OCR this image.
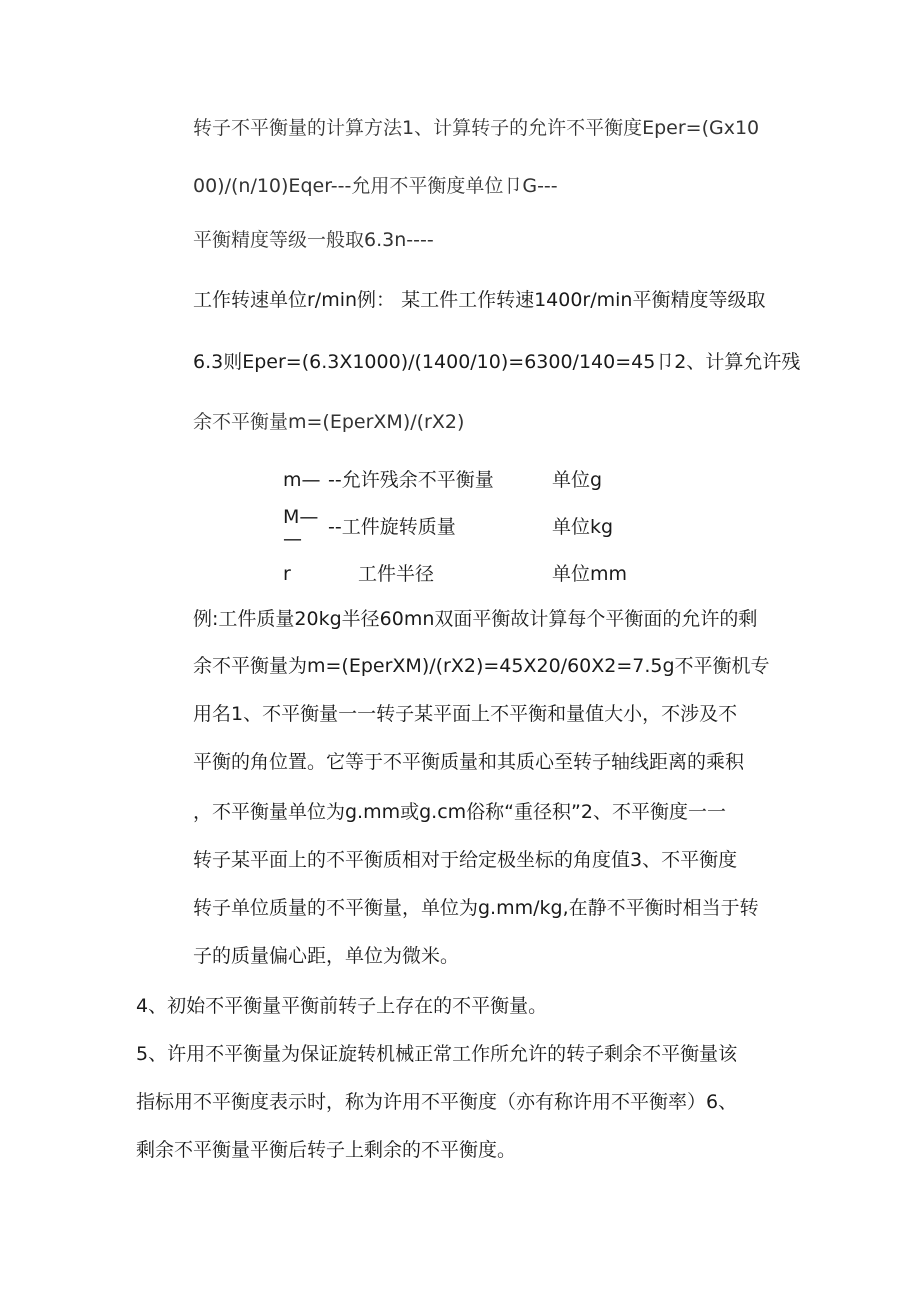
转子不平衡量的计算方法1、计算转子的允许不平衡度Eper=(Gx10
00)/(n/10)Eqer---允用不平衡度单位卩G---
平衡精度等级一般取6.3n----
工作转速单位r/min例： 某工件工作转速1400r/min平衡精度等级取
6.3则Eper=(6.3X1000)/(1400/10)=6300/140=45卩2、计算允许残
余不平衡量m=(EperXM)/(rX2)
m— --允许残余不平衡量	单位g
M—
—
--工件旋转质量	单位kg
r	工件半径	单位mm
例:工件质量20kg半径60mn双面平衡故计算每个平衡面的允许的剩
余不平衡量为m=(EperXM)/(rX2)=45X20/60X2=7.5g不平衡机专
用名1、不平衡量一一转子某平面上不平衡和量值大小，不涉及不
平衡的角位置。它等于不平衡质量和其质心至转子轴线距离的乘积
，不平衡量单位为g.mm或g.cm俗称“重径积”2、不平衡度一一
转子某平面上的不平衡质相对于给定极坐标的角度值3、不平衡度
转子单位质量的不平衡量，单位为g.mm/kg,在静不平衡时相当于转
子的质量偏心距，单位为微米。
4、初始不平衡量平衡前转子上存在的不平衡量。
5、许用不平衡量为保证旋转机械正常工作所允许的转子剩余不平衡量该
指标用不平衡度表示时，称为许用不平衡度（亦有称许用不平衡率）6、
剩余不平衡量平衡后转子上剩余的不平衡度。
